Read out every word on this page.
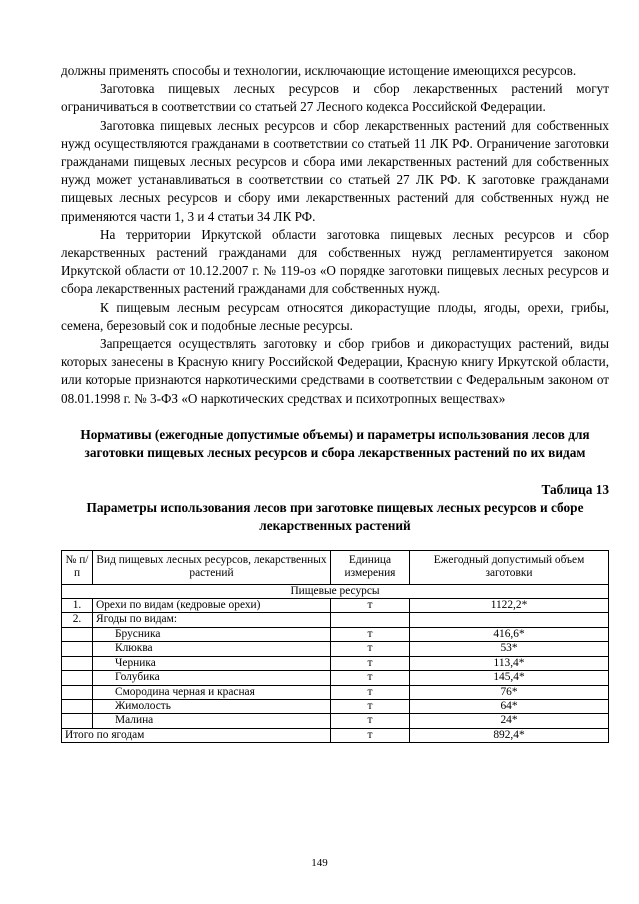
должны применять способы и технологии, исключающие истощение имеющихся ресурсов.

Заготовка пищевых лесных ресурсов и сбор лекарственных растений могут ограничиваться в соответствии со статьей 27 Лесного кодекса Российской Федерации.

Заготовка пищевых лесных ресурсов и сбор лекарственных растений для собственных нужд осуществляются гражданами в соответствии со статьей 11 ЛК РФ. Ограничение заготовки гражданами пищевых лесных ресурсов и сбора ими лекарственных растений для собственных нужд может устанавливаться в соответствии со статьей 27 ЛК РФ. К заготовке гражданами пищевых лесных ресурсов и сбору ими лекарственных растений для собственных нужд не применяются части 1, 3 и 4 статьи 34 ЛК РФ.

На территории Иркутской области заготовка пищевых лесных ресурсов и сбор лекарственных растений гражданами для собственных нужд регламентируется законом Иркутской области от 10.12.2007 г. № 119-оз «О порядке заготовки пищевых лесных ресурсов и сбора лекарственных растений гражданами для собственных нужд.

К пищевым лесным ресурсам относятся дикорастущие плоды, ягоды, орехи, грибы, семена, березовый сок и подобные лесные ресурсы.

Запрещается осуществлять заготовку и сбор грибов и дикорастущих растений, виды которых занесены в Красную книгу Российской Федерации, Красную книгу Иркутской области, или которые признаются наркотическими средствами в соответствии с Федеральным законом от 08.01.1998 г. № 3-ФЗ «О наркотических средствах и психотропных веществах»

Нормативы (ежегодные допустимые объемы) и параметры использования лесов для заготовки пищевых лесных ресурсов и сбора лекарственных растений по их видам
Таблица 13
Параметры использования лесов при заготовке пищевых лесных ресурсов и сборе лекарственных растений
№ п/п	Вид пищевых лесных ресурсов, лекарственных растений	Единица измерения	Ежегодный допустимый объем заготовки
Пищевые ресурсы			
1.	Орехи по видам (кедровые орехи)	т	1122,2*
2.	Ягоды по видам:		
	Брусника	т	416,6*
	Клюква	т	53*
	Черника	т	113,4*
	Голубика	т	145,4*
	Смородина черная и красная	т	76*
	Жимолость	т	64*
	Малина	т	24*
Итого по ягодам		т	892,4*
149
